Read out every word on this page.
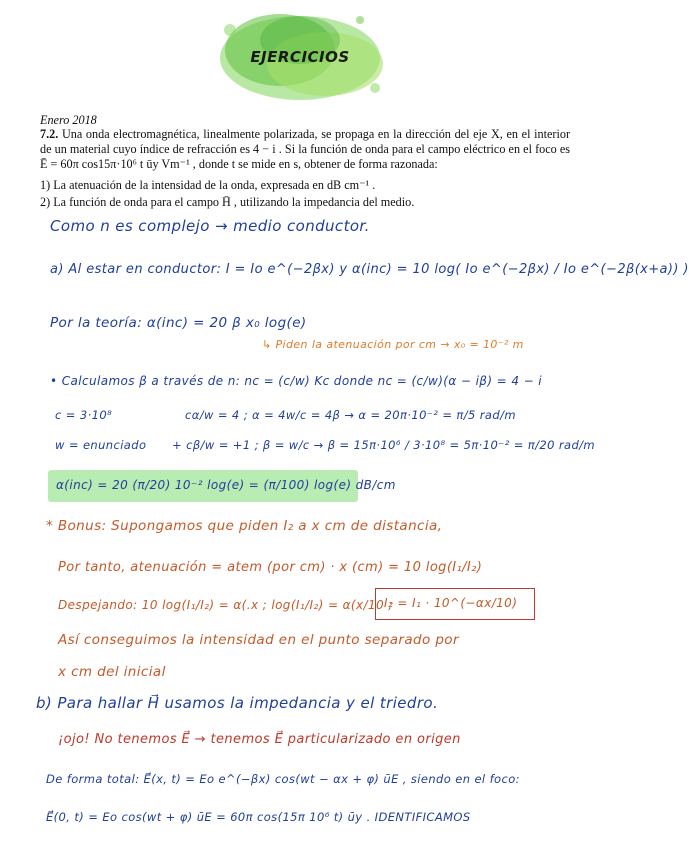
EJERCICIOS
Enero 2018
7.2. Una onda electromagnética, linealmente polarizada, se propaga en la dirección del eje X, en el interior de un material cuyo índice de refracción es 4 − i . Si la función de onda para el campo eléctrico en el foco es Ē = 60π cos15π·10⁶ t ūy Vm⁻¹ , donde t se mide en s, obtener de forma razonada:
1) La atenuación de la intensidad de la onda, expresada en dB cm⁻¹ .
2) La función de onda para el campo H̄ , utilizando la impedancia del medio.
Como n es complejo → medio conductor.
a) Al estar en conductor: I = Io e^(−2βx) y α(inc) = 10 log( Io e^(−2βx) / Io e^(−2β(x+a)) )
Por la teoría: α(inc) = 20 β x₀ log(e)
↳ Piden la atenuación por cm → x₀ = 10⁻² m
• Calculamos β a través de n: nc = (c/w) Kc donde nc = (c/w)(α − iβ) = 4 − i
c = 3·10⁸	cα/w = 4 ; α = 4w/c = 4β → α = 20π·10⁻² = π/5 rad/m
w = enunciado + cβ/w = +1 ; β = w/c → β = 15π·10⁶ / 3·10⁸ = 5π·10⁻² = π/20 rad/m
α(inc) = 20 (π/20) 10⁻² log(e) = (π/100) log(e) dB/cm
* Bonus: Supongamos que piden I₂ a x cm de distancia,
Por tanto, atenuación = atem (por cm) · x (cm) = 10 log(I₁/I₂)
Despejando: 10 log(I₁/I₂) = α(.x ; log(I₁/I₂) = α(x/10 ;
I₂ = I₁ · 10^(−αx/10)
Así conseguimos la intensidad en el punto separado por
x cm del inicial
b) Para hallar H⃗ usamos la impedancia y el triedro.
¡ojo! No tenemos E⃗ → tenemos E⃗ particularizado en origen
De forma total: E⃗(x, t) = Eo e^(−βx) cos(wt − αx + φ) ūE , siendo en el foco:
E⃗(0, t) = Eo cos(wt + φ) ūE = 60π cos(15π 10⁶ t) ūy . IDENTIFICAMOS
